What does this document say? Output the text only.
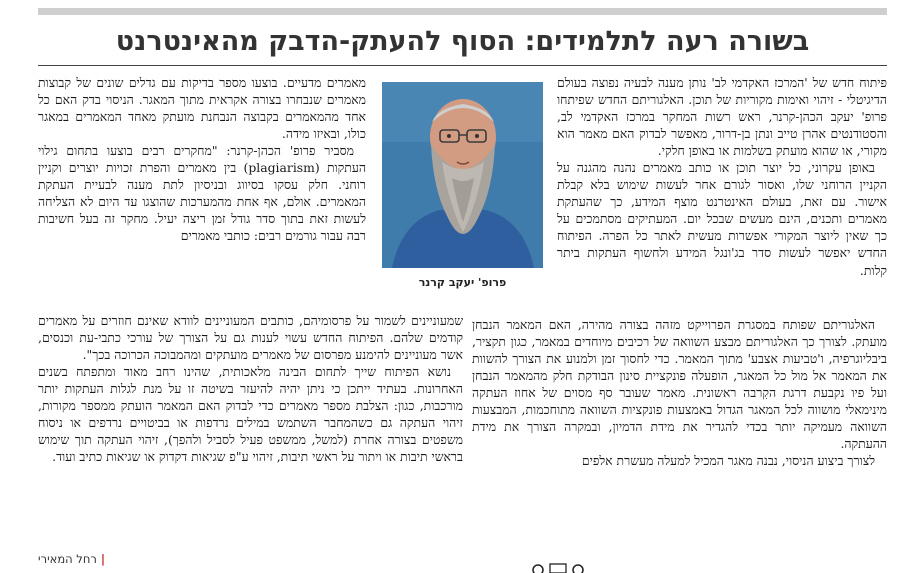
בשורה רעה לתלמידים: הסוף להעתק-הדבק מהאינטרנט

פיתוח חדש של 'המרכז האקדמי לב' נותן מענה לבעיה נפוצה בעולם הדיגיטלי - זיהוי ואימות מקוריות של תוכן. האלגוריתם החדש שפיתחו פרופ' יעקב הכהן-קרנר, ראש רשות המחקר במרכז האקדמי לב, והסטודנטים אהרן טייב ונתן בן-דרור, מאפשר לבדוק האם מאמר הוא מקורי, או שהוא מועתק בשלמות או באופן חלקי.

באופן עקרוני, כל יוצר תוכן או כותב מאמרים נהנה מהגנה על הקניין הרוחני שלו, ואסור לגורם אחר לעשות שימוש בלא קבלת אישור. עם זאת, בעולם האינטרנט מוצף המידע, כך שהעתקת מאמרים ותכנים, הינם מעשים שבכל יום. המעתיקים מסתמכים על כך שאין ליוצר המקורי אפשרות מעשית לאתר כל הפרה. הפיתוח החדש יאפשר לעשות סדר בג'ונגל המידע ולחשוף העתקות ביתר קלות.

פרופ' יעקב קרנר

מאמרים מדעיים. בוצעו מספר בדיקות עם גדלים שונים של קבוצות מאמרים שנבחרו בצורה אקראית מתוך המאגר. הניסוי בדק האם כל אחד מהמאמרים בקבוצה הנבחנת מועתק מאחד המאמרים במאגר כולו, ובאיזו מידה.

מסביר פרופ' הכהן-קרנר: "מחקרים רבים בוצעו בתחום גילוי העתקות (plagiarism) בין מאמרים והפרת זכויות יוצרים וקניין רוחני. חלק עסקו בסיווג ובניסיון לתת מענה לבעיית העתקת המאמרים. אולם, אף אחת מהמערכות שהוצגו עד היום לא הצליחה לעשות זאת בתוך סדר גודל זמן ריצה יעיל. מחקר זה בעל חשיבות רבה עבור גורמים רבים: כותבי מאמרים

האלגוריתם שפותח במסגרת הפרוייקט מזהה בצורה מהירה, האם המאמר הנבחן מועתק. לצורך כך האלגוריתם מבצע השוואה של רכיבים מיוחדים במאמר, כגון תקציר, ביבליוגרפיה, ו'טביעות אצבע' מתוך המאמר. כדי לחסוך זמן ולמנוע את הצורך להשוות את המאמר אל מול כל המאגר, הופעלה פונקציית סינון הבודקת חלק מהמאמר הנבחן ועל פיו נקבעת דרגת הקִרבה ראשונית. מאמר שעובר סף מסוים של אחוז העתקה מינימאלי מושווה לכל המאגר הגדול באמצעות פונקציות השוואה מתוחכמות, המבצעות השוואה מעמיקה יותר בכדי להגדיר את מידת הדמיון, ובמקרה הצורך את מידת ההעתקה.

לצורך ביצוע הניסוי, נבנה מאגר המכיל למעלה מעשרת אלפים

שמעוניינים לשמור על פרסומיהם, כותבים המעוניינים לוודא שאינם חוזרים על מאמרים קודמים שלהם. הפיתוח החדש עשוי לענות גם על הצורך של עורכי כתבי-עת וכנסים, אשר מעוניינים להימנע מפרסום של מאמרים מועתקים ומהמבוכה הכרוכה בכך".

נושא הפיתוח שייך לתחום הבינה מלאכותית, שהינו רחב מאוד ומתפתח בשנים האחרונות. בעתיד ייתכן כי ניתן יהיה להיעזר בשיטה זו על מנת לגלות העתקות יותר מורכבות, כגון: הצלבת מספר מאמרים כדי לבדוק האם המאמר הועתק ממספר מקורות, זיהוי העתקה גם כשהמחבר השתמש במילים נרדפות או בביטויים נרדפים או ניסוח משפטים בצורה אחרת (למשל, ממשפט פעיל לסביל ולהפך), זיהוי העתקה תוך שימוש בראשי תיבות או ויתור על ראשי תיבות, זיהוי ע"פ שגיאות דקדוק או שגיאות כתיב ועוד.

|רחל המאירי
